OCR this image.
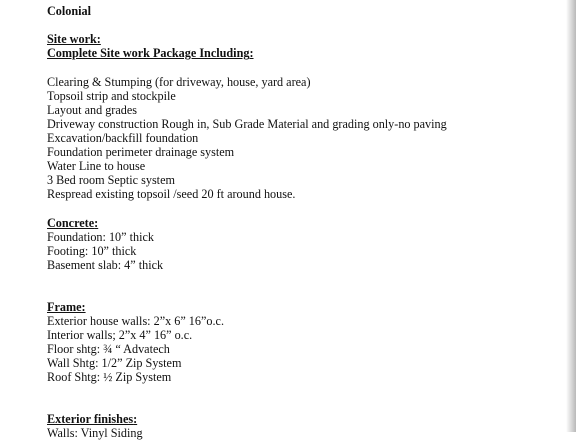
Colonial
Site work:
Complete Site work Package Including:
Clearing & Stumping (for driveway, house, yard area)
Topsoil strip and stockpile
Layout and grades
Driveway construction Rough in, Sub Grade Material and grading only-no paving
Excavation/backfill foundation
Foundation perimeter drainage system
Water Line to house
3 Bed room Septic system
Respread existing topsoil /seed 20 ft around house.
Concrete:
Foundation: 10” thick
Footing: 10” thick
Basement slab: 4” thick
Frame:
Exterior house walls: 2”x 6” 16”o.c.
Interior walls; 2”x 4” 16” o.c.
Floor shtg: ¾ “ Advatech
Wall Shtg: 1/2” Zip System
Roof Shtg: ½ Zip System
Exterior finishes:
Walls: Vinyl Siding
